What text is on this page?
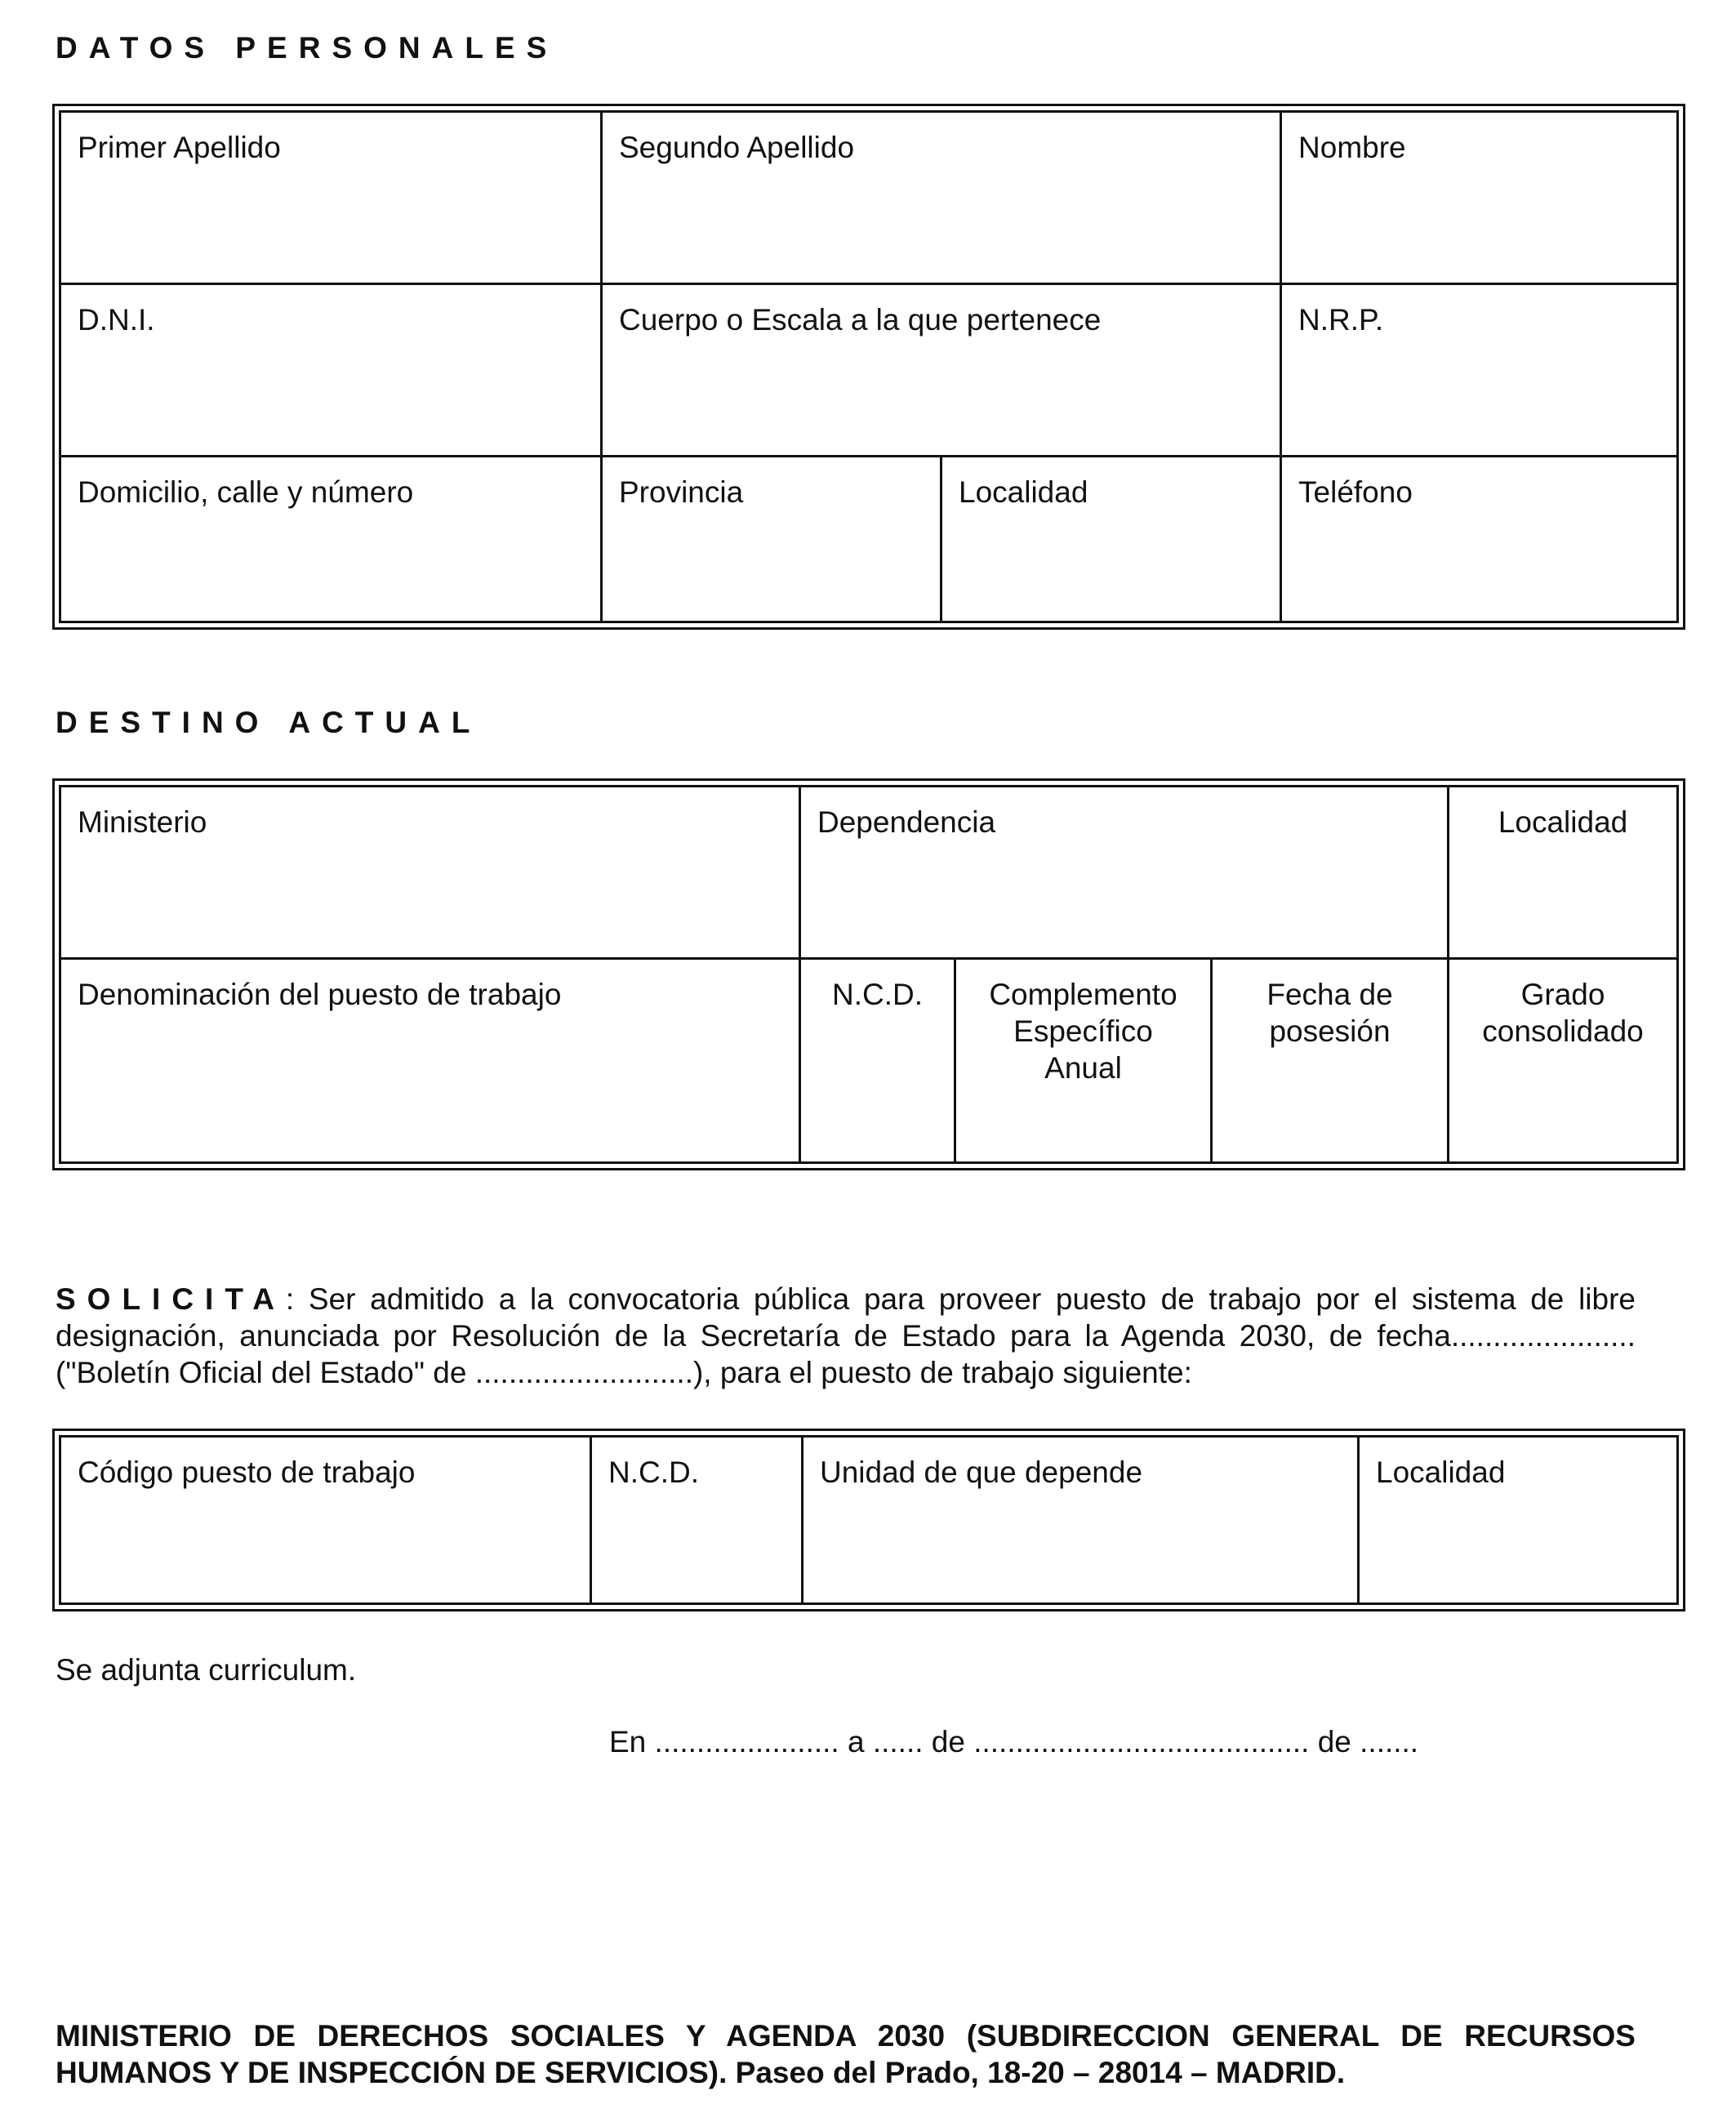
DATOS PERSONALES
Primer Apellido	Segundo Apellido		Nombre
D.N.I.	Cuerpo o Escala a la que pertenece		N.R.P.
Domicilio, calle y número	Provincia	Localidad	Teléfono
DESTINO ACTUAL
Ministerio	Dependencia			Localidad
Denominación del puesto de trabajo	N.C.D.	Complemento Específico Anual	Fecha de posesión	Grado consolidado
SOLICITA: Ser admitido a la convocatoria pública para proveer puesto de trabajo por el sistema de libre designación, anunciada por Resolución de la Secretaría de Estado para la Agenda 2030, de fecha...................... ("Boletín Oficial del Estado" de ..........................), para el puesto de trabajo siguiente:
Código puesto de trabajo	N.C.D.	Unidad de que depende	Localidad
Se adjunta curriculum.
En ...................... a ...... de ........................................ de .......
MINISTERIO DE DERECHOS SOCIALES Y AGENDA 2030 (SUBDIRECCION GENERAL DE RECURSOS HUMANOS Y DE INSPECCIÓN DE SERVICIOS). Paseo del Prado, 18-20 – 28014 – MADRID.
